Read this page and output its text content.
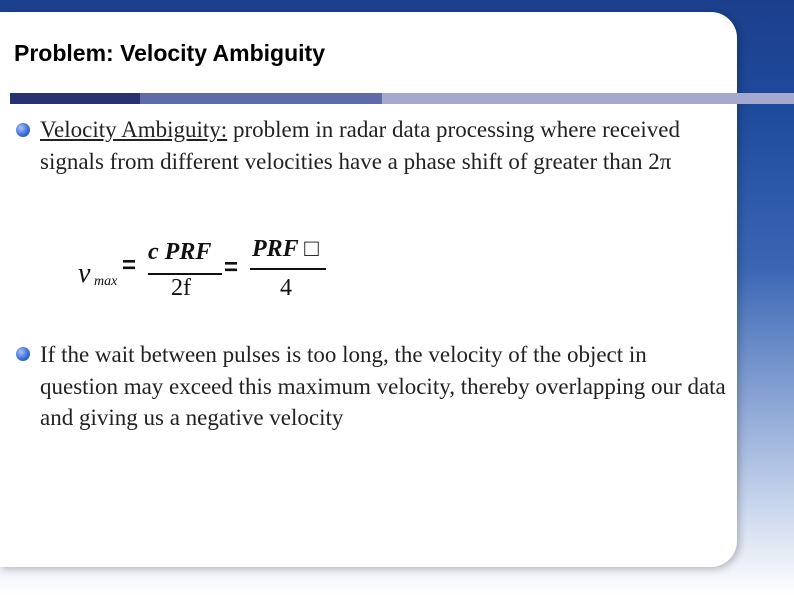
Problem: Velocity Ambiguity

Velocity Ambiguity: problem in radar data processing where received signals from different velocities have a phase shift of greater than 2π

v max
= c PRF
2f
=
PRF □
4

If the wait between pulses is too long, the velocity of the object in question may exceed this maximum velocity, thereby overlapping our data and giving us a negative velocity
